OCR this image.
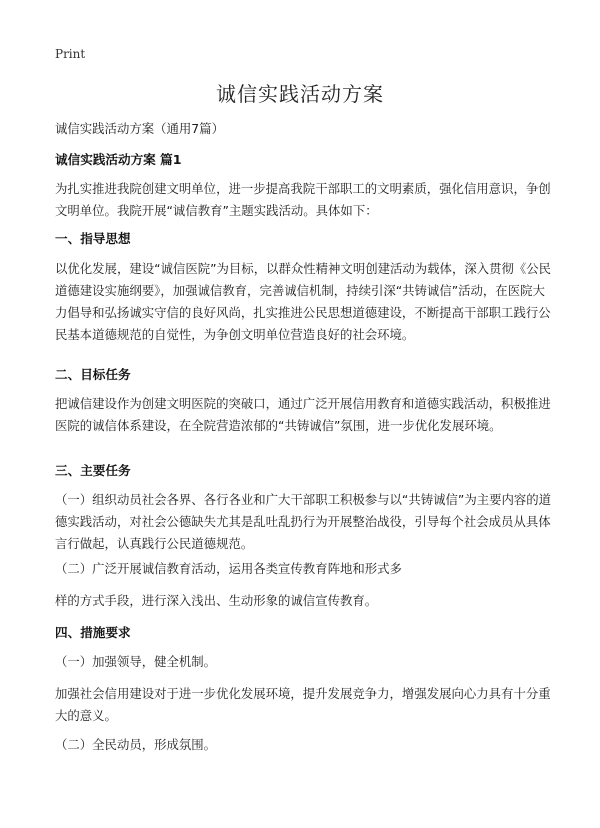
Print
诚信实践活动方案

诚信实践活动方案（通用7篇）

诚信实践活动方案 篇1

为扎实推进我院创建文明单位，进一步提高我院干部职工的文明素质，强化信用意识，争创文明单位。我院开展“诚信教育”主题实践活动。具体如下：

一、指导思想

以优化发展，建设“诚信医院”为目标，以群众性精神文明创建活动为载体，深入贯彻《公民道德建设实施纲要》，加强诚信教育，完善诚信机制，持续引深“共铸诚信”活动，在医院大力倡导和弘扬诚实守信的良好风尚，扎实推进公民思想道德建设，不断提高干部职工践行公民基本道德规范的自觉性，为争创文明单位营造良好的社会环境。

二、目标任务

把诚信建设作为创建文明医院的突破口，通过广泛开展信用教育和道德实践活动，积极推进医院的诚信体系建设，在全院营造浓郁的“共铸诚信”氛围，进一步优化发展环境。

三、主要任务

（一）组织动员社会各界、各行各业和广大干部职工积极参与以“共铸诚信”为主要内容的道德实践活动，对社会公德缺失尤其是乱吐乱扔行为开展整治战役，引导每个社会成员从具体言行做起，认真践行公民道德规范。

（二）广泛开展诚信教育活动，运用各类宣传教育阵地和形式多

样的方式手段，进行深入浅出、生动形象的诚信宣传教育。

四、措施要求

（一）加强领导，健全机制。

加强社会信用建设对于进一步优化发展环境，提升发展竞争力，增强发展向心力具有十分重大的意义。

（二）全民动员，形成氛围。
